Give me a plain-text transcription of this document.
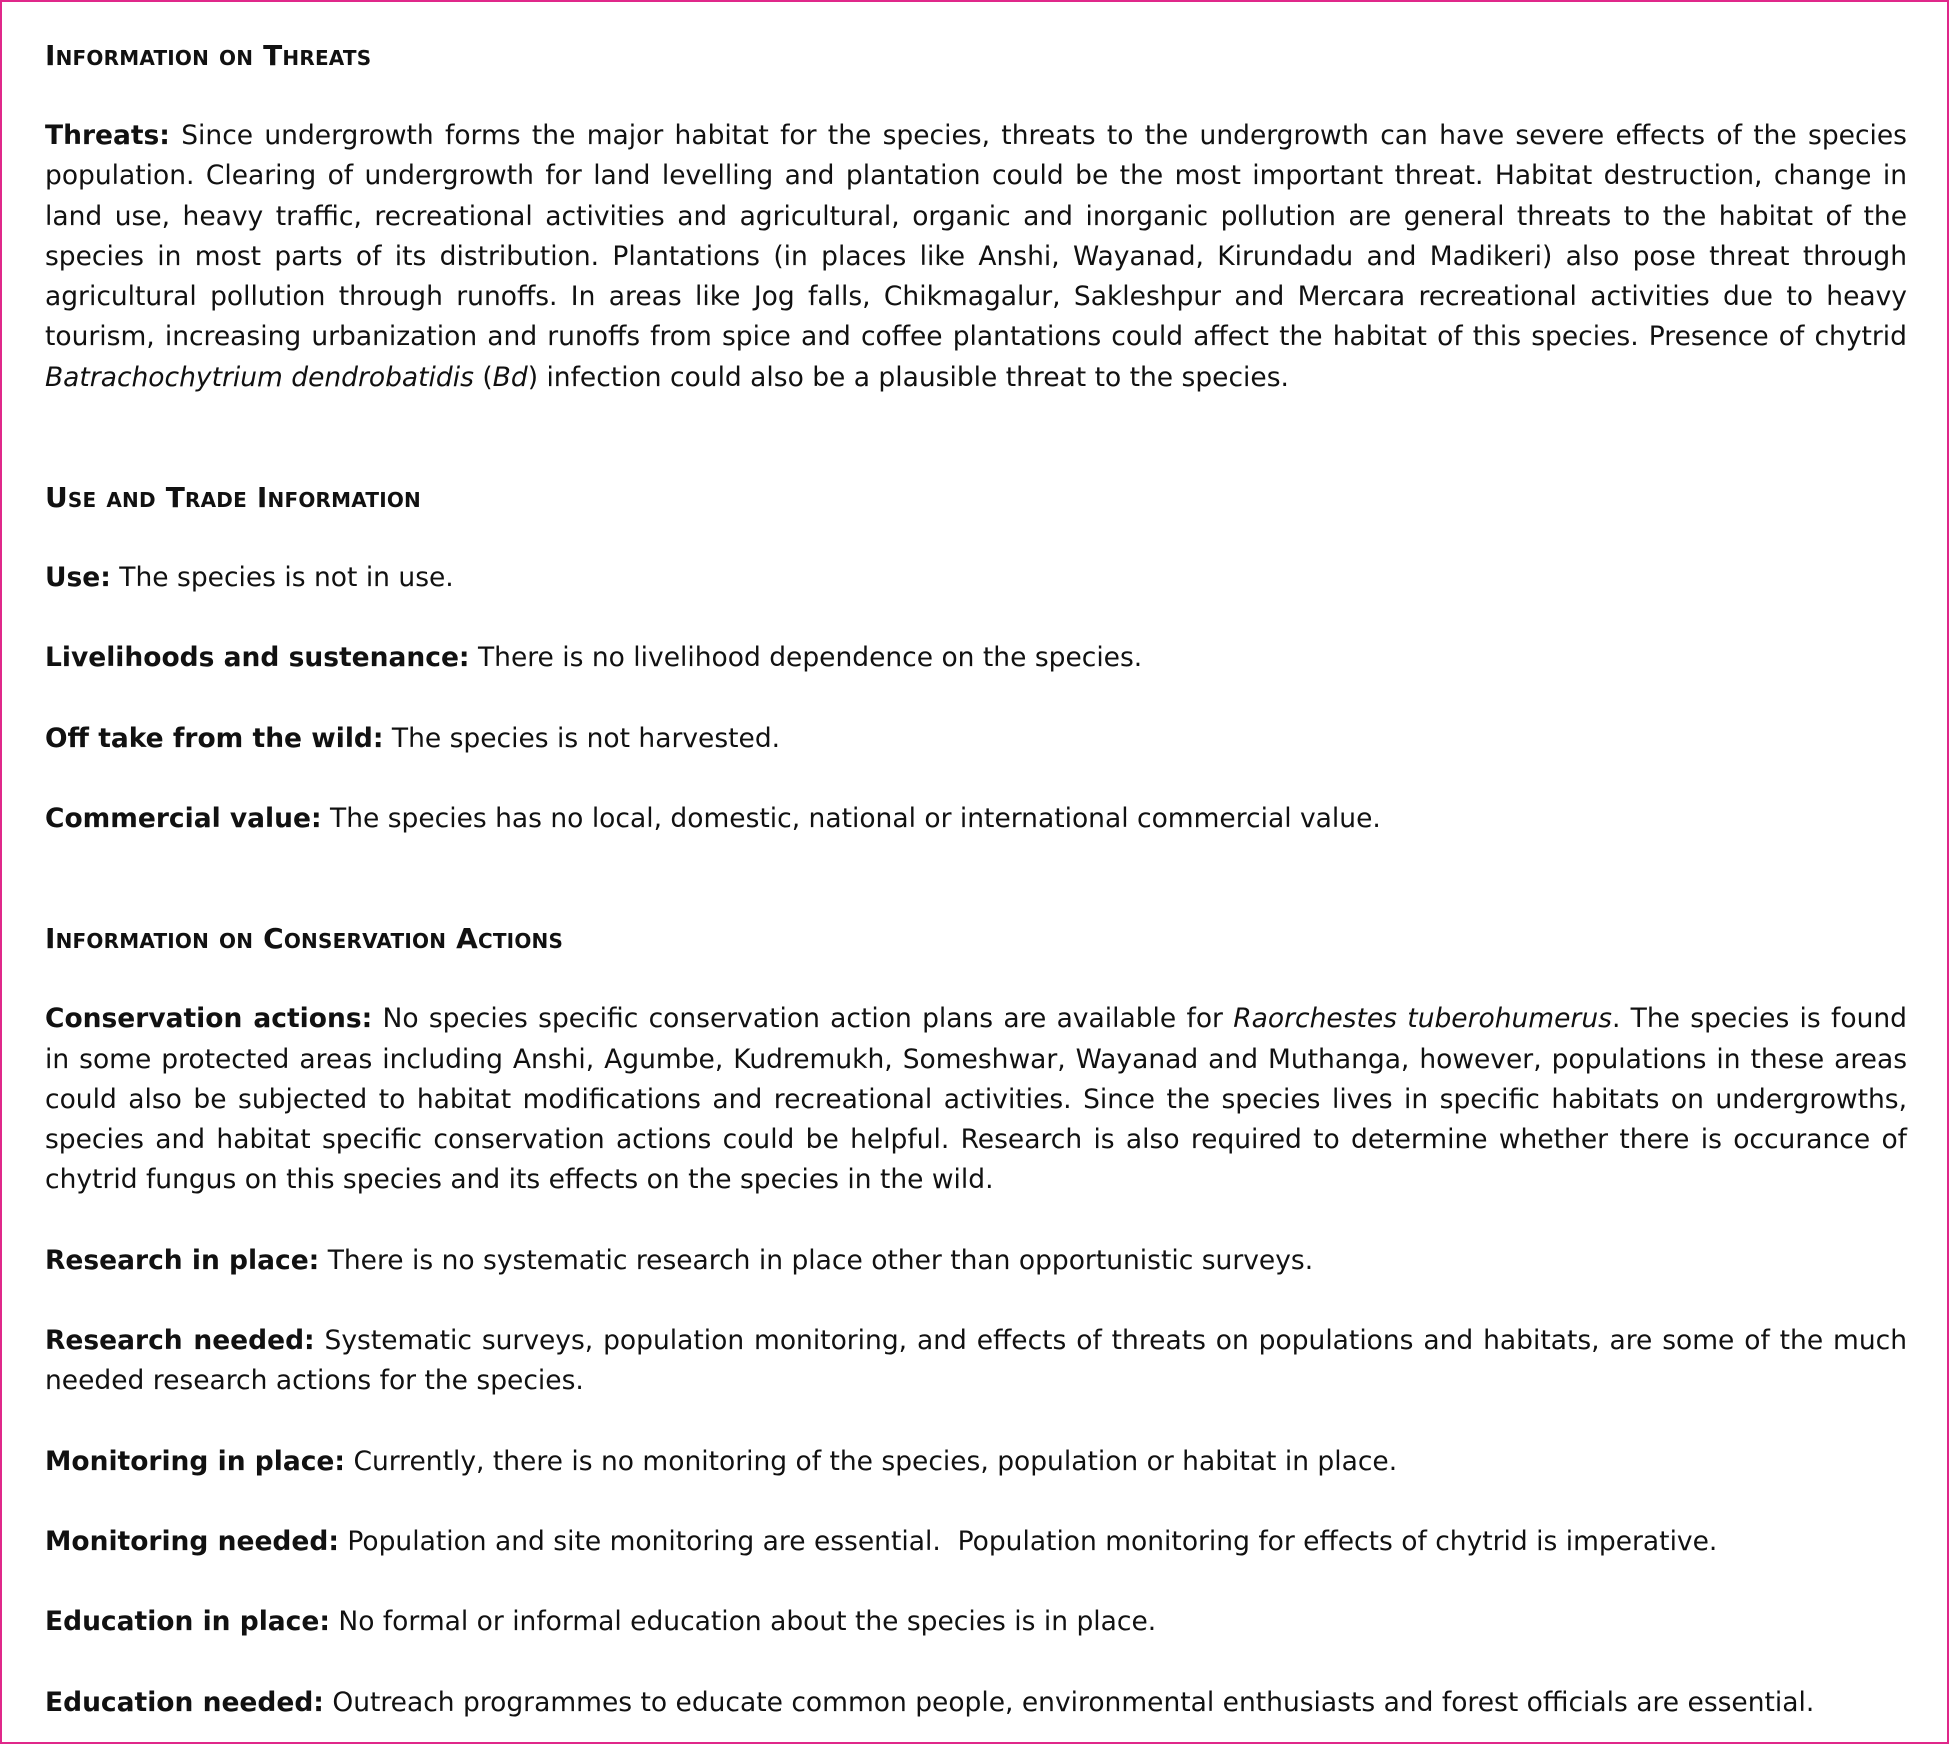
Information on Threats

Threats: Since undergrowth forms the major habitat for the species, threats to the undergrowth can have severe effects of the species population. Clearing of undergrowth for land levelling and plantation could be the most important threat. Habitat destruction, change in land use, heavy traffic, recreational activities and agricultural, organic and inorganic pollution are general threats to the habitat of the species in most parts of its distribution. Plantations (in places like Anshi, Wayanad, Kirundadu and Madikeri) also pose threat through agricultural pollution through runoffs. In areas like Jog falls, Chikmagalur, Sakleshpur and Mercara recreational activities due to heavy tourism, increasing urbanization and runoffs from spice and coffee plantations could affect the habitat of this species. Presence of chytrid Batrachochytrium dendrobatidis (Bd) infection could also be a plausible threat to the species.

Use and Trade Information

Use: The species is not in use.

Livelihoods and sustenance: There is no livelihood dependence on the species.

Off take from the wild: The species is not harvested.

Commercial value: The species has no local, domestic, national or international commercial value.

Information on Conservation Actions

Conservation actions: No species specific conservation action plans are available for Raorchestes tuberohumerus. The species is found in some protected areas including Anshi, Agumbe, Kudremukh, Someshwar, Wayanad and Muthanga, however, populations in these areas could also be subjected to habitat modifications and recreational activities. Since the species lives in specific habitats on undergrowths, species and habitat specific conservation actions could be helpful. Research is also required to determine whether there is occurance of chytrid fungus on this species and its effects on the species in the wild.

Research in place: There is no systematic research in place other than opportunistic surveys.

Research needed: Systematic surveys, population monitoring, and effects of threats on populations and habitats, are some of the much needed research actions for the species.

Monitoring in place: Currently, there is no monitoring of the species, population or habitat in place.

Monitoring needed: Population and site monitoring are essential.  Population monitoring for effects of chytrid is imperative.

Education in place: No formal or informal education about the species is in place.

Education needed: Outreach programmes to educate common people, environmental enthusiasts and forest officials are essential.
